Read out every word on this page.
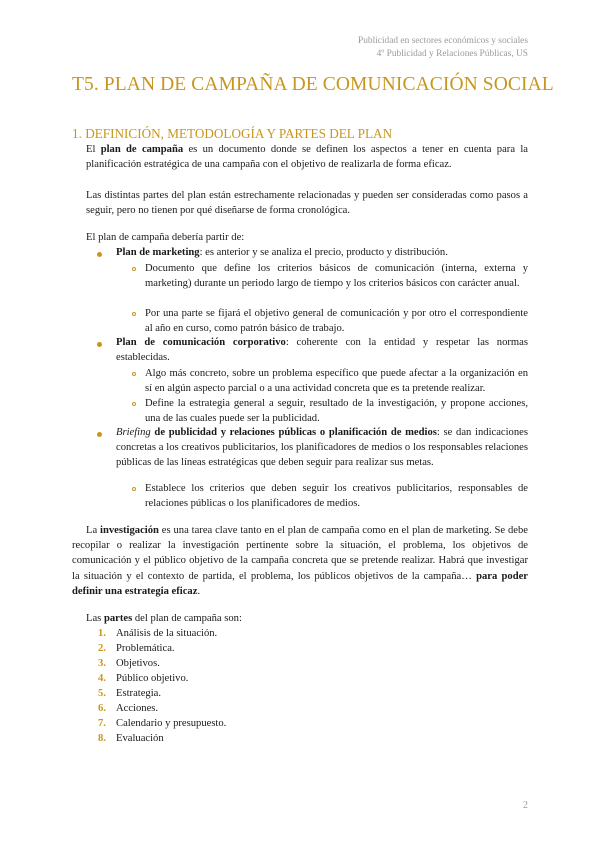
Publicidad en sectores económicos y sociales
4º Publicidad y Relaciones Públicas, US
T5. PLAN DE CAMPAÑA DE COMUNICACIÓN SOCIAL
1. DEFINICIÓN, METODOLOGÍA Y PARTES DEL PLAN
El plan de campaña es un documento donde se definen los aspectos a tener en cuenta para la planificación estratégica de una campaña con el objetivo de realizarla de forma eficaz.
Las distintas partes del plan están estrechamente relacionadas y pueden ser consideradas como pasos a seguir, pero no tienen por qué diseñarse de forma cronológica.
El plan de campaña debería partir de:
Plan de marketing: es anterior y se analiza el precio, producto y distribución.
Documento que define los criterios básicos de comunicación (interna, externa y marketing) durante un periodo largo de tiempo y los criterios básicos con carácter anual.
Por una parte se fijará el objetivo general de comunicación y por otro el correspondiente al año en curso, como patrón básico de trabajo.
Plan de comunicación corporativo: coherente con la entidad y respetar las normas establecidas.
Algo más concreto, sobre un problema específico que puede afectar a la organización en sí en algún aspecto parcial o a una actividad concreta que es ta pretende realizar.
Define la estrategia general a seguir, resultado de la investigación, y propone acciones, una de las cuales puede ser la publicidad.
Briefing de publicidad y relaciones públicas o planificación de medios: se dan indicaciones concretas a los creativos publicitarios, los planificadores de medios o los responsables relaciones públicas de las líneas estratégicas que deben seguir para realizar sus metas.
Establece los criterios que deben seguir los creativos publicitarios, responsables de relaciones públicas o los planificadores de medios.
La investigación es una tarea clave tanto en el plan de campaña como en el plan de marketing. Se debe recopilar o realizar la investigación pertinente sobre la situación, el problema, los objetivos de comunicación y el público objetivo de la campaña concreta que se pretende realizar. Habrá que investigar la situación y el contexto de partida, el problema, los públicos objetivos de la campaña… para poder definir una estrategia eficaz.
Las partes del plan de campaña son:
1. Análisis de la situación.
2. Problemática.
3. Objetivos.
4. Público objetivo.
5. Estrategia.
6. Acciones.
7. Calendario y presupuesto.
8. Evaluación
2
